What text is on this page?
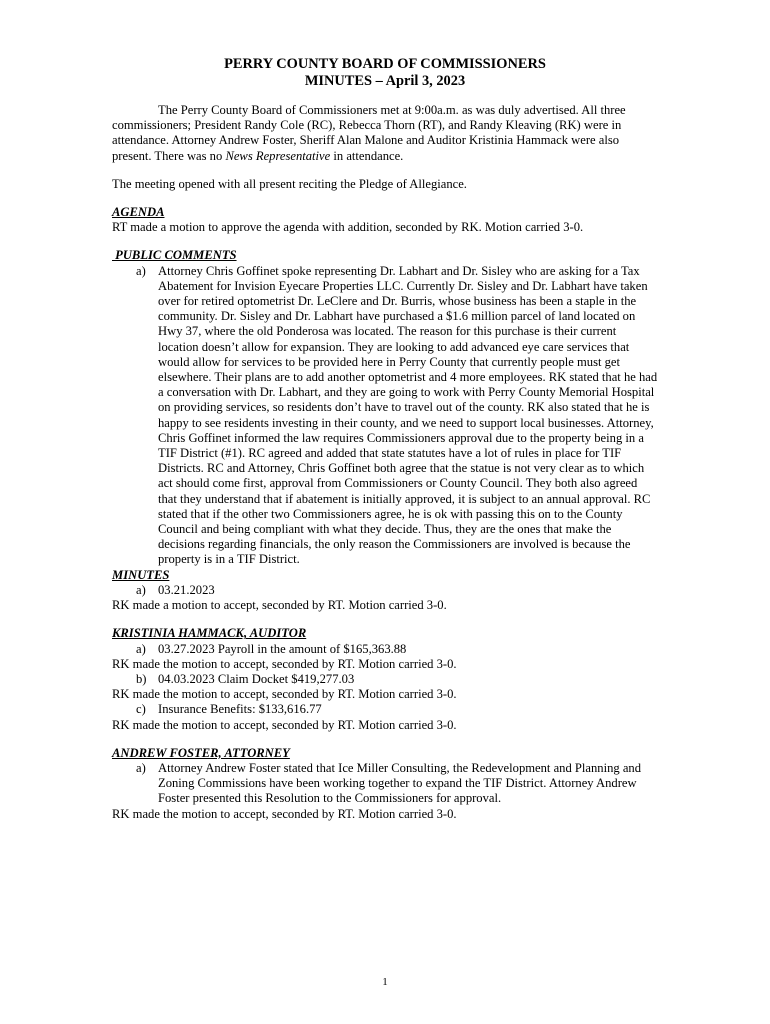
PERRY COUNTY BOARD OF COMMISSIONERS
MINUTES – April 3, 2023

The Perry County Board of Commissioners met at 9:00a.m. as was duly advertised. All three commissioners; President Randy Cole (RC), Rebecca Thorn (RT), and Randy Kleaving (RK) were in attendance. Attorney Andrew Foster, Sheriff Alan Malone and Auditor Kristinia Hammack were also present. There was no News Representative in attendance.

The meeting opened with all present reciting the Pledge of Allegiance.

AGENDA

RT made a motion to approve the agenda with addition, seconded by RK. Motion carried 3-0.

PUBLIC COMMENTS

a) Attorney Chris Goffinet spoke representing Dr. Labhart and Dr. Sisley who are asking for a Tax Abatement for Invision Eyecare Properties LLC. Currently Dr. Sisley and Dr. Labhart have taken over for retired optometrist Dr. LeClere and Dr. Burris, whose business has been a staple in the community. Dr. Sisley and Dr. Labhart have purchased a $1.6 million parcel of land located on Hwy 37, where the old Ponderosa was located. The reason for this purchase is their current location doesn’t allow for expansion. They are looking to add advanced eye care services that would allow for services to be provided here in Perry County that currently people must get elsewhere. Their plans are to add another optometrist and 4 more employees. RK stated that he had a conversation with Dr. Labhart, and they are going to work with Perry County Memorial Hospital on providing services, so residents don’t have to travel out of the county. RK also stated that he is happy to see residents investing in their county, and we need to support local businesses. Attorney, Chris Goffinet informed the law requires Commissioners approval due to the property being in a TIF District (#1). RC agreed and added that state statutes have a lot of rules in place for TIF Districts. RC and Attorney, Chris Goffinet both agree that the statue is not very clear as to which act should come first, approval from Commissioners or County Council. They both also agreed that they understand that if abatement is initially approved, it is subject to an annual approval. RC stated that if the other two Commissioners agree, he is ok with passing this on to the County Council and being compliant with what they decide. Thus, they are the ones that make the decisions regarding financials, the only reason the Commissioners are involved is because the property is in a TIF District.

MINUTES

a) 03.21.2023

RK made a motion to accept, seconded by RT. Motion carried 3-0.

KRISTINIA HAMMACK, AUDITOR

a) 03.27.2023 Payroll in the amount of $165,363.88

RK made the motion to accept, seconded by RT. Motion carried 3-0.

b) 04.03.2023 Claim Docket $419,277.03

RK made the motion to accept, seconded by RT. Motion carried 3-0.

c) Insurance Benefits: $133,616.77

RK made the motion to accept, seconded by RT. Motion carried 3-0.

ANDREW FOSTER, ATTORNEY

a) Attorney Andrew Foster stated that Ice Miller Consulting, the Redevelopment and Planning and Zoning Commissions have been working together to expand the TIF District. Attorney Andrew Foster presented this Resolution to the Commissioners for approval.

RK made the motion to accept, seconded by RT. Motion carried 3-0.

1
